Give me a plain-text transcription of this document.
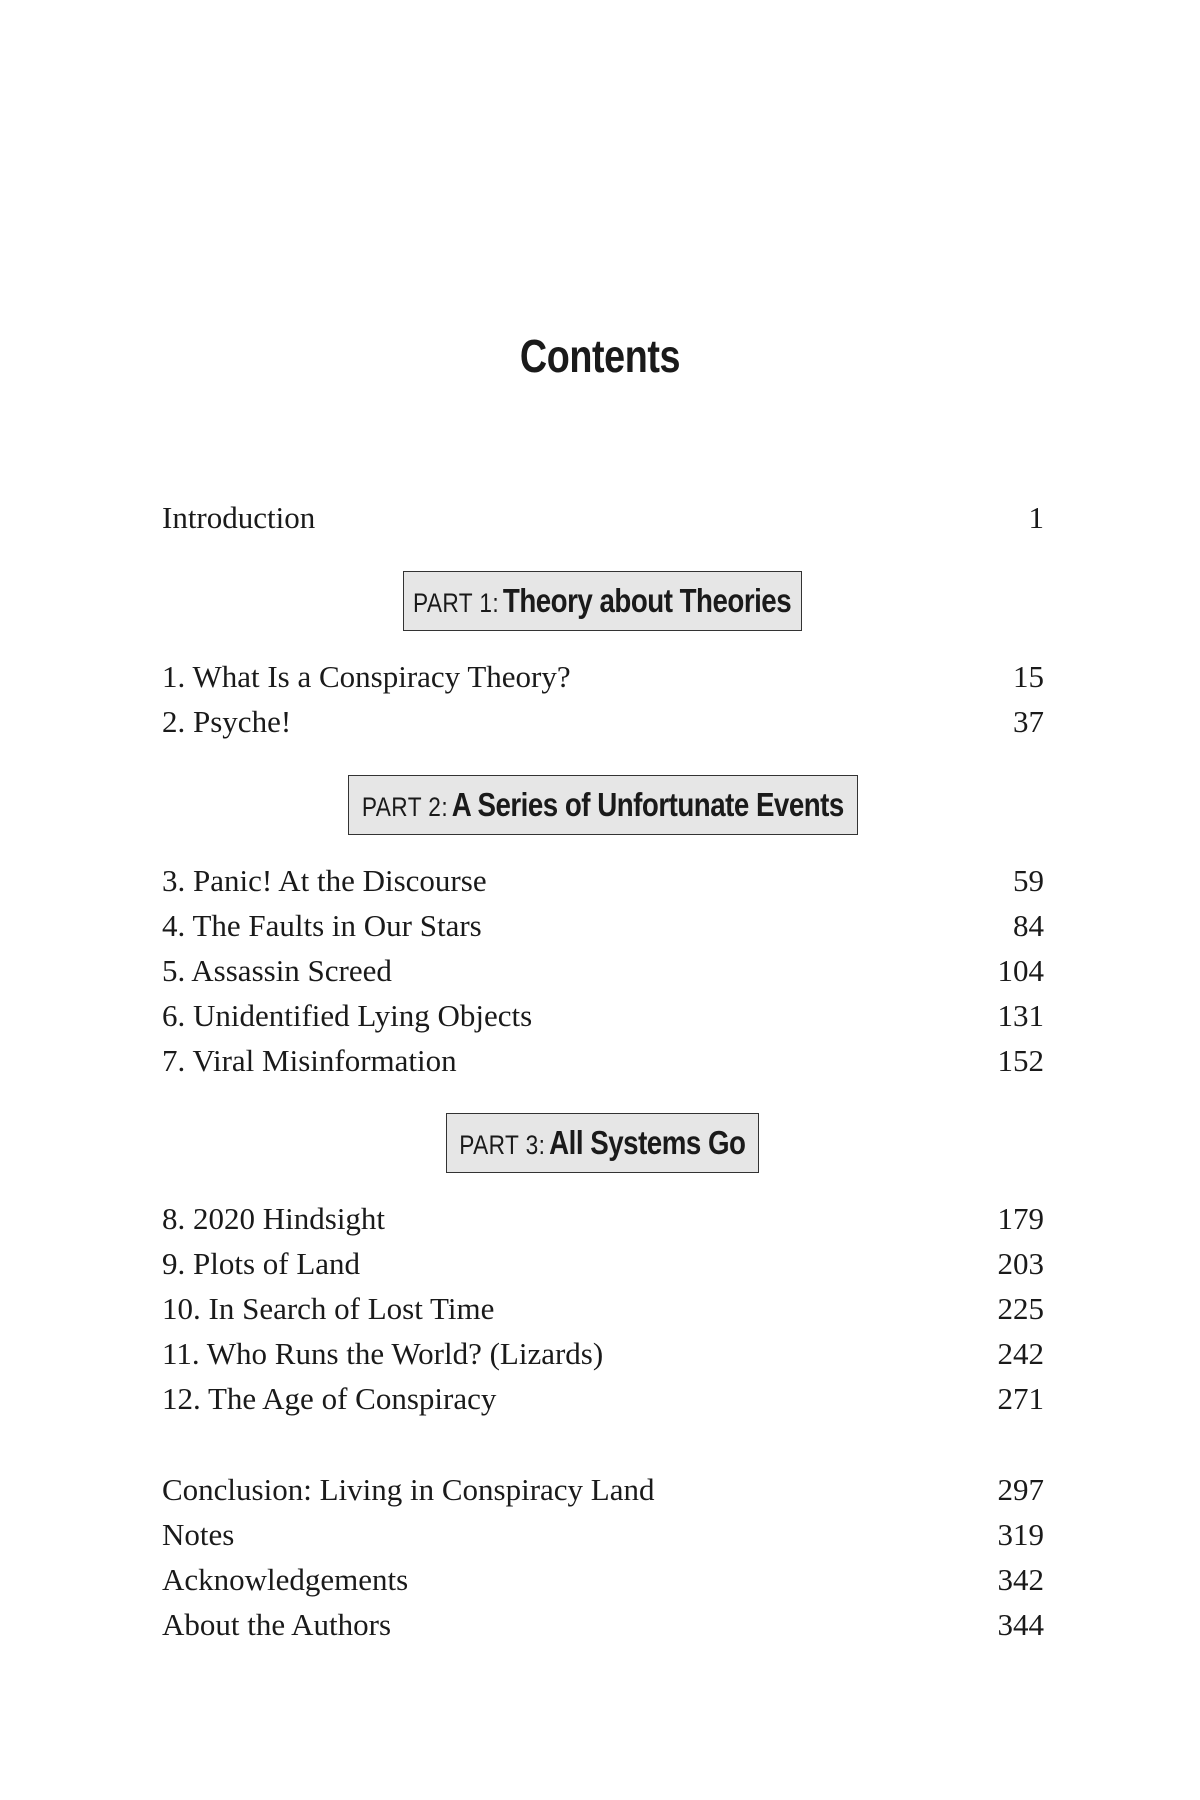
Contents
Introduction	1
PART 1: Theory about Theories
1. What Is a Conspiracy Theory?	15
2. Psyche!	37
PART 2: A Series of Unfortunate Events
3. Panic! At the Discourse	59
4. The Faults in Our Stars	84
5. Assassin Screed	104
6. Unidentified Lying Objects	131
7. Viral Misinformation	152
PART 3: All Systems Go
8. 2020 Hindsight	179
9. Plots of Land	203
10. In Search of Lost Time	225
11. Who Runs the World? (Lizards)	242
12. The Age of Conspiracy	271
Conclusion: Living in Conspiracy Land	297
Notes	319
Acknowledgements	342
About the Authors	344
